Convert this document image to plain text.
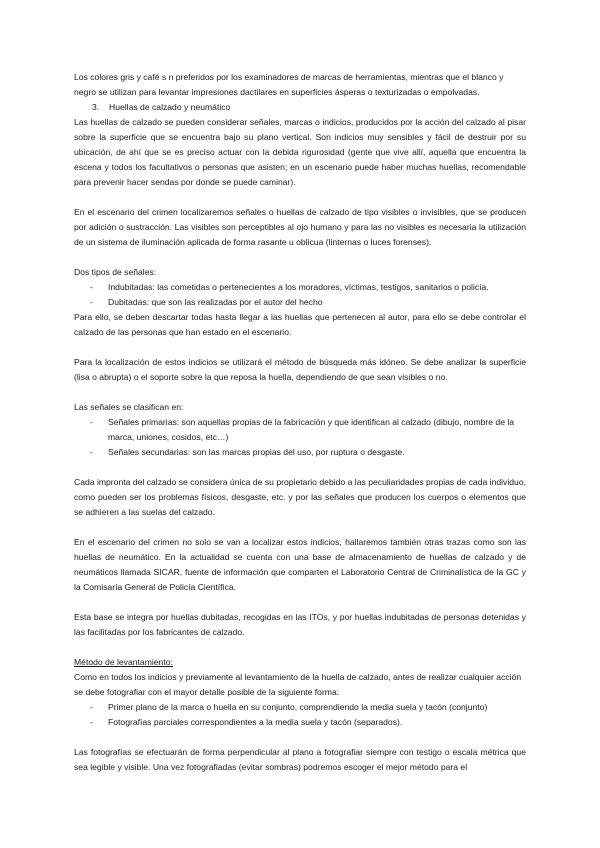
Los colores gris y café s n preferidos por los examinadores de marcas de herramientas, mientras que el blanco y negro se utilizan para levantar impresiones dactilares en superficies ásperas o texturizadas o empolvadas.

3. Huellas de calzado y neumático

Las huellas de calzado se pueden considerar señales, marcas o indicios, producidos por la acción del calzado al pisar sobre la superficie que se encuentra bajo su plano vertical. Son indicios muy sensibles y fácil de destruir por su ubicación, de ahí que se es preciso actuar con la debida rigurosidad (gente que vive allí, aquella que encuentra la escena y todos los facultativos o personas que asisten; en un escenario puede haber muchas huellas, recomendable para prevenir hacer sendas por donde se puede caminar).

En el escenario del crimen localizaremos señales o huellas de calzado de tipo visibles o invisibles, que se producen por adición o sustracción. Las visibles son perceptibles al ojo humano y para las no visibles es necesaria la utilización de un sistema de iluminación aplicada de forma rasante u oblicua (linternas o luces forenses).

Dos tipos de señales:

- Indubitadas: las cometidas o pertenecientes a los moradores, víctimas, testigos, sanitarios o policía.
- Dubitadas: que son las realizadas por el autor del hecho

Para ello, se deben descartar todas hasta llegar a las huellas que pertenecen al autor, para ello se debe controlar el calzado de las personas que han estado en el escenario.

Para la localización de estos indicios se utilizará el método de búsqueda más idóneo. Se debe analizar la superficie (lisa o abrupta) o el soporte sobre la que reposa la huella, dependiendo de que sean visibles o no.

Las señales se clasifican en:

- Señales primarias: son aquellas propias de la fabricación y que identifican al calzado (dibujo, nombre de la marca, uniones, cosidos, etc…)
- Señales secundarias: son las marcas propias del uso, por ruptura o desgaste.

Cada impronta del calzado se considera única de su propietario debido a las peculiaridades propias de cada individuo, como pueden ser los problemas físicos, desgaste, etc. y por las señales que producen los cuerpos o elementos que se adhieren a las suelas del calzado.

En el escenario del crimen no solo se van a localizar estos indicios, hallaremos también otras trazas como son las huellas de neumático. En la actualidad se cuenta con una base de almacenamiento de huellas de calzado y de neumáticos llamada SICAR, fuente de información que comparten el Laboratorio Central de Criminalística de la GC y la Comisaría General de Policía Científica.

Esta base se integra por huellas dubitadas, recogidas en las ITOs, y por huellas indubitadas de personas detenidas y las facilitadas por los fabricantes de calzado.

Método de levantamiento:

Como en todos los indicios y previamente al levantamiento de la huella de calzado, antes de realizar cualquier acción se debe fotografiar con el mayor detalle posible de la siguiente forma:

- Primer plano de la marca o huella en su conjunto, comprendiendo la media suela y tacón (conjunto)
- Fotografías parciales correspondientes a la media suela y tacón (separados).

Las fotografías se efectuarán de forma perpendicular al plano a fotografiar siempre con testigo o escala métrica que sea legible y visible. Una vez fotografiadas (evitar sombras) podremos escoger el mejor método para el
